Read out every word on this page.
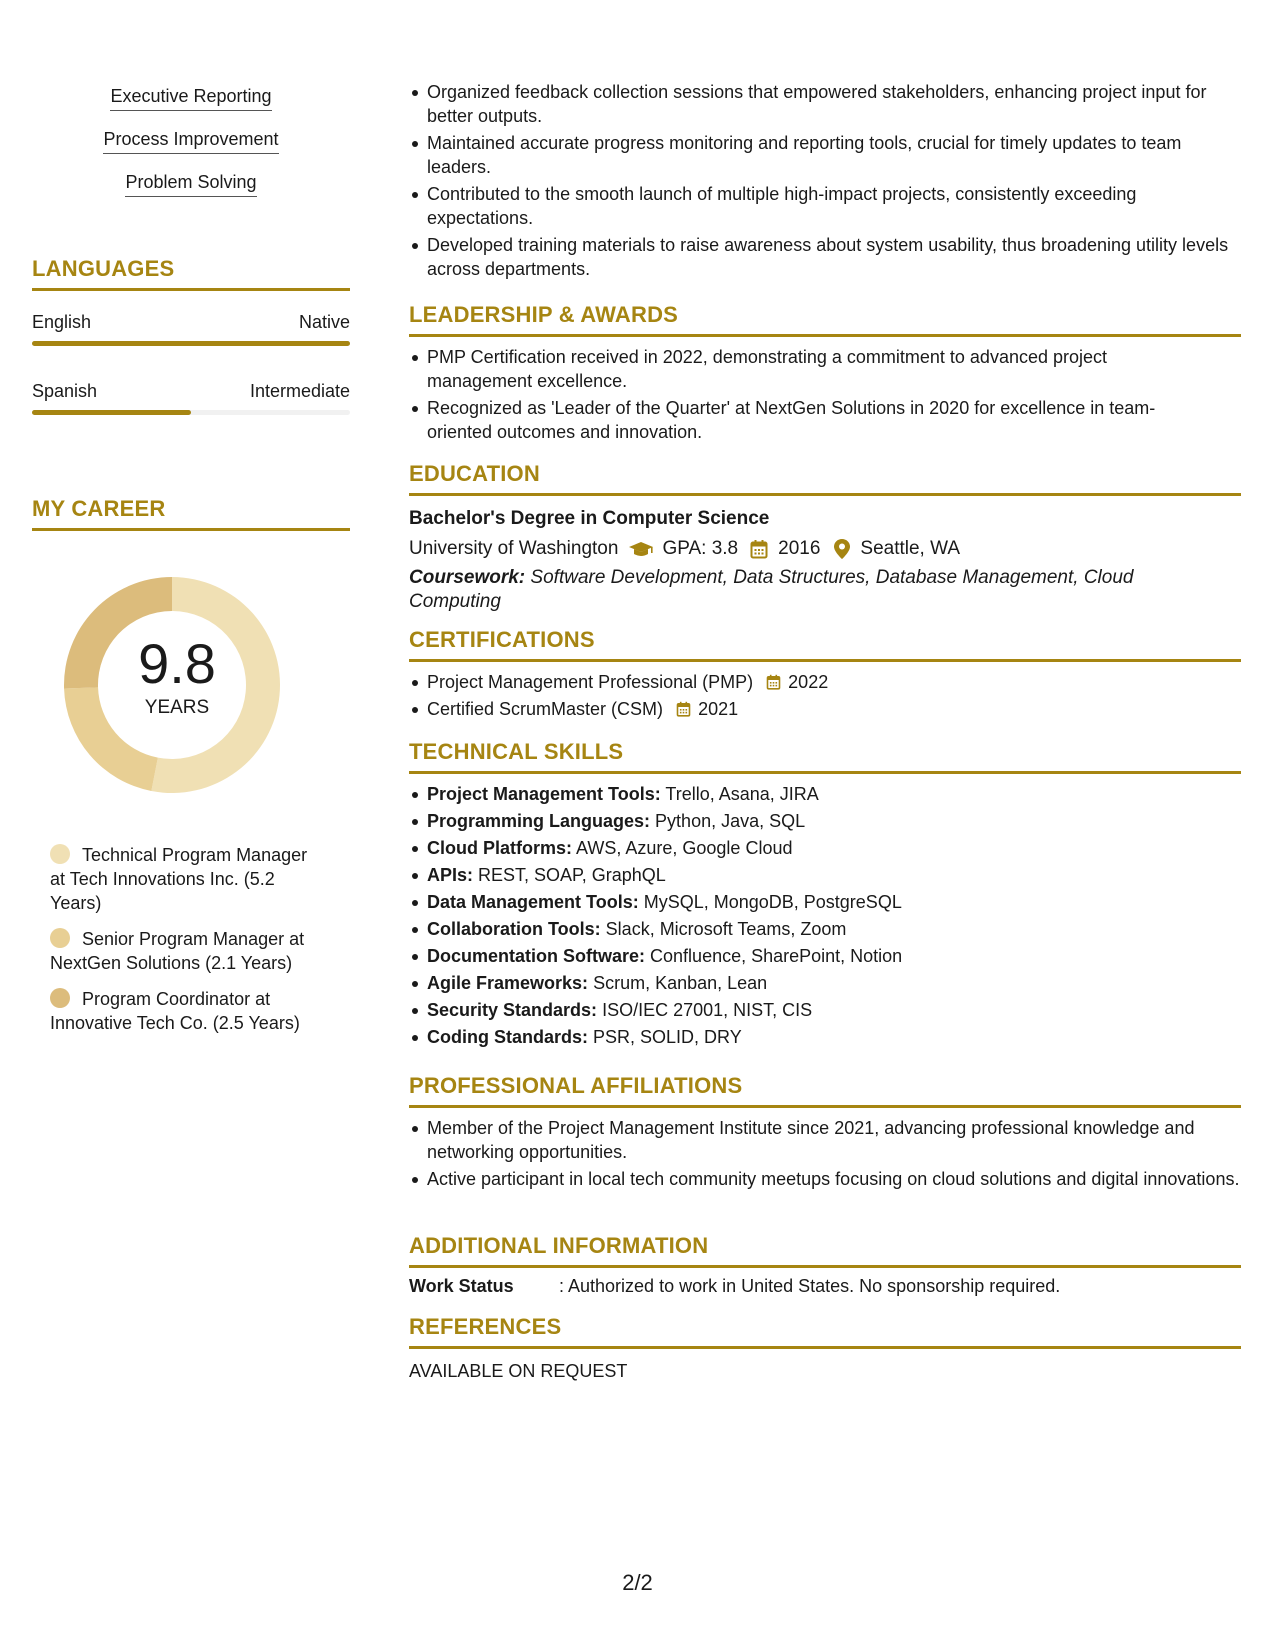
Executive Reporting
Process Improvement
Problem Solving
LANGUAGES
English	Native
Spanish	Intermediate
MY CAREER
9.8
YEARS
Technical Program Manager at Tech Innovations Inc. (5.2 Years)
Senior Program Manager at NextGen Solutions (2.1 Years)
Program Coordinator at Innovative Tech Co. (2.5 Years)
Organized feedback collection sessions that empowered stakeholders, enhancing project input for better outputs.
Maintained accurate progress monitoring and reporting tools, crucial for timely updates to team leaders.
Contributed to the smooth launch of multiple high-impact projects, consistently exceeding expectations.
Developed training materials to raise awareness about system usability, thus broadening utility levels across departments.
LEADERSHIP & AWARDS
PMP Certification received in 2022, demonstrating a commitment to advanced project management excellence.
Recognized as 'Leader of the Quarter' at NextGen Solutions in 2020 for excellence in team-oriented outcomes and innovation.
EDUCATION
Bachelor's Degree in Computer Science
University of Washington GPA: 3.8 2016 Seattle, WA
Coursework: Software Development, Data Structures, Database Management, Cloud Computing
CERTIFICATIONS
Project Management Professional (PMP) 2022
Certified ScrumMaster (CSM) 2021
TECHNICAL SKILLS
Project Management Tools: Trello, Asana, JIRA
Programming Languages: Python, Java, SQL
Cloud Platforms: AWS, Azure, Google Cloud
APIs: REST, SOAP, GraphQL
Data Management Tools: MySQL, MongoDB, PostgreSQL
Collaboration Tools: Slack, Microsoft Teams, Zoom
Documentation Software: Confluence, SharePoint, Notion
Agile Frameworks: Scrum, Kanban, Lean
Security Standards: ISO/IEC 27001, NIST, CIS
Coding Standards: PSR, SOLID, DRY
PROFESSIONAL AFFILIATIONS
Member of the Project Management Institute since 2021, advancing professional knowledge and networking opportunities.
Active participant in local tech community meetups focusing on cloud solutions and digital innovations.
ADDITIONAL INFORMATION
Work Status	: Authorized to work in United States. No sponsorship required.
REFERENCES
AVAILABLE ON REQUEST
2/2
